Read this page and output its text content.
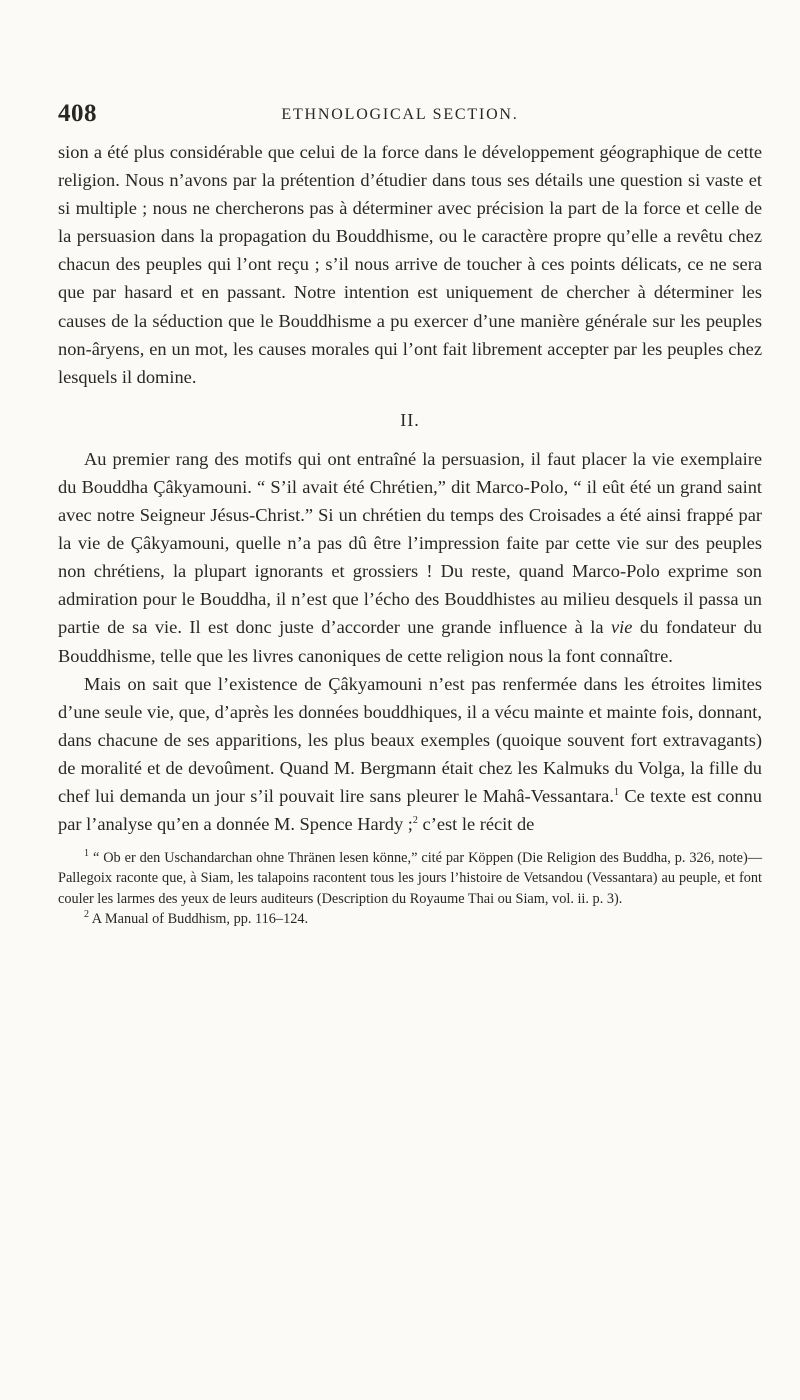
408	ETHNOLOGICAL SECTION.

sion a été plus considérable que celui de la force dans le développement géographique de cette religion. Nous n’avons par la prétention d’étudier dans tous ses détails une question si vaste et si multiple ; nous ne chercherons pas à déterminer avec précision la part de la force et celle de la persuasion dans la propagation du Bouddhisme, ou le caractère propre qu’elle a revêtu chez chacun des peuples qui l’ont reçu ; s’il nous arrive de toucher à ces points délicats, ce ne sera que par hasard et en passant. Notre intention est uniquement de chercher à déterminer les causes de la séduction que le Bouddhisme a pu exercer d’une manière générale sur les peuples non-âryens, en un mot, les causes morales qui l’ont fait librement accepter par les peuples chez lesquels il domine.

II.

Au premier rang des motifs qui ont entraîné la persuasion, il faut placer la vie exemplaire du Bouddha Çâkyamouni. “ S’il avait été Chrétien,” dit Marco-Polo, “ il eût été un grand saint avec notre Seigneur Jésus-Christ.” Si un chrétien du temps des Croisades a été ainsi frappé par la vie de Çâkyamouni, quelle n’a pas dû être l’impression faite par cette vie sur des peuples non chrétiens, la plupart ignorants et grossiers ! Du reste, quand Marco-Polo exprime son admiration pour le Bouddha, il n’est que l’écho des Bouddhistes au milieu desquels il passa un partie de sa vie. Il est donc juste d’accorder une grande influence à la vie du fondateur du Bouddhisme, telle que les livres canoniques de cette religion nous la font connaître.

Mais on sait que l’existence de Çâkyamouni n’est pas renfermée dans les étroites limites d’une seule vie, que, d’après les données bouddhiques, il a vécu mainte et mainte fois, donnant, dans chacune de ses apparitions, les plus beaux exemples (quoique souvent fort extravagants) de moralité et de devoûment. Quand M. Bergmann était chez les Kalmuks du Volga, la fille du chef lui demanda un jour s’il pouvait lire sans pleurer le Mahâ-Vessantara.$^1$ Ce texte est connu par l’analyse qu’en a donnée M. Spence Hardy ;$^2$ c’est le récit de

$^1$ “ Ob er den Uschandarchan ohne Thränen lesen könne,” cité par Köppen (Die Religion des Buddha, p. 326, note)—Pallegoix raconte que, à Siam, les talapoins racontent tous les jours l’histoire de Vetsandou (Vessantara) au peuple, et font couler les larmes des yeux de leurs auditeurs (Description du Royaume Thai ou Siam, vol. ii. p. 3).

$^2$ A Manual of Buddhism, pp. 116–124.
